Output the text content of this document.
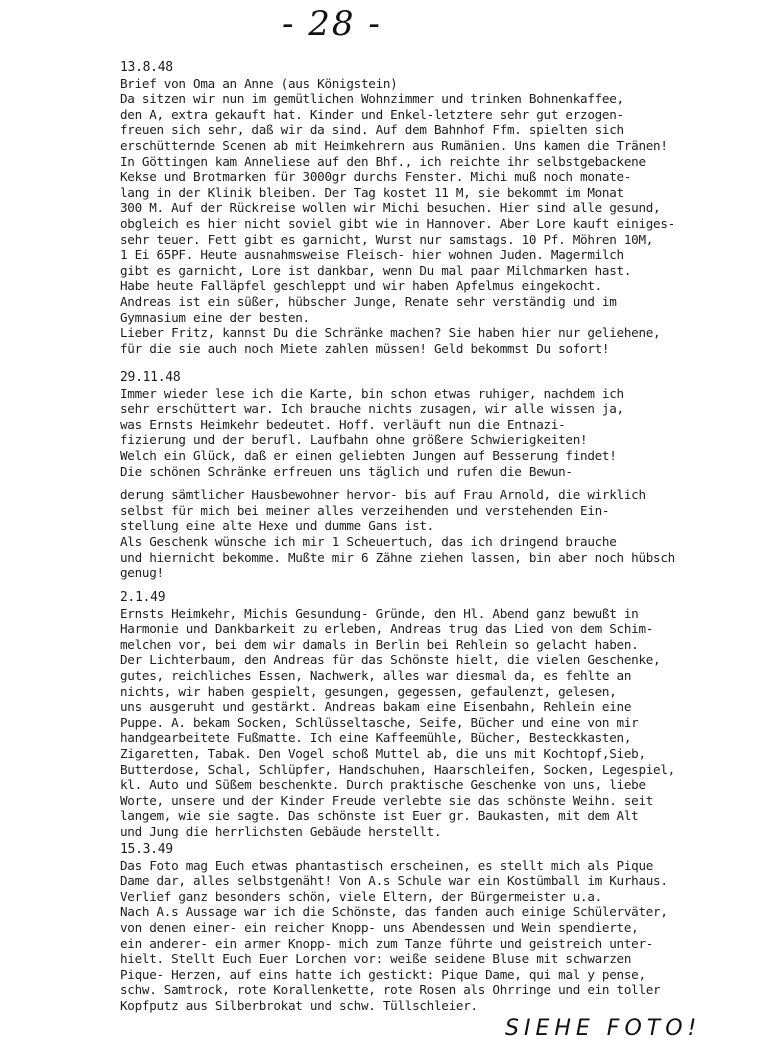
- 28 -
13.8.48
Brief von Oma an Anne (aus Königstein)
Da sitzen wir nun im gemütlichen Wohnzimmer und trinken Bohnenkaffee,
den A, extra gekauft hat. Kinder und Enkel-letztere sehr gut erzogen-
freuen sich sehr, daß wir da sind. Auf dem Bahnhof Ffm. spielten sich
erschütternde Scenen ab mit Heimkehrern aus Rumänien. Uns kamen die Tränen!
In Göttingen kam Anneliese auf den Bhf., ich reichte ihr selbstgebackene
Kekse und Brotmarken für 3000gr durchs Fenster. Michi muß noch monate-
lang in der Klinik bleiben. Der Tag kostet 11 M, sie bekommt im Monat
300 M. Auf der Rückreise wollen wir Michi besuchen. Hier sind alle gesund,
obgleich es hier nicht soviel gibt wie in Hannover. Aber Lore kauft einiges-
sehr teuer. Fett gibt es garnicht, Wurst nur samstags. 10 Pf. Möhren 10M,
1 Ei 65PF. Heute ausnahmsweise Fleisch- hier wohnen Juden. Magermilch
gibt es garnicht, Lore ist dankbar, wenn Du mal paar Milchmarken hast.
Habe heute Falläpfel geschleppt und wir haben Apfelmus eingekocht.
Andreas ist ein süßer, hübscher Junge, Renate sehr verständig und im
Gymnasium eine der besten.
Lieber Fritz, kannst Du die Schränke machen? Sie haben hier nur geliehene,
für die sie auch noch Miete zahlen müssen! Geld bekommst Du sofort!
29.11.48
Immer wieder lese ich die Karte, bin schon etwas ruhiger, nachdem ich
sehr erschüttert war. Ich brauche nichts zusagen, wir alle wissen ja,
was Ernsts Heimkehr bedeutet. Hoff. verläuft nun die Entnazi-
fizierung und der berufl. Laufbahn ohne größere Schwierigkeiten!
Welch ein Glück, daß er einen geliebten Jungen auf Besserung findet!
Die schönen Schränke erfreuen uns täglich und rufen die Bewun-
derung sämtlicher Hausbewohner hervor- bis auf Frau Arnold, die wirklich
selbst für mich bei meiner alles verzeihenden und verstehenden Ein-
stellung eine alte Hexe und dumme Gans ist.
Als Geschenk wünsche ich mir 1 Scheuertuch, das ich dringend brauche
und hiernicht bekomme. Mußte mir 6 Zähne ziehen lassen, bin aber noch hübsch
genug!
2.1.49
Ernsts Heimkehr, Michis Gesundung- Gründe, den Hl. Abend ganz bewußt in
Harmonie und Dankbarkeit zu erleben, Andreas trug das Lied von dem Schim-
melchen vor, bei dem wir damals in Berlin bei Rehlein so gelacht haben.
Der Lichterbaum, den Andreas für das Schönste hielt, die vielen Geschenke,
gutes, reichliches Essen, Nachwerk, alles war diesmal da, es fehlte an
nichts, wir haben gespielt, gesungen, gegessen, gefaulenzt, gelesen,
uns ausgeruht und gestärkt. Andreas bakam eine Eisenbahn, Rehlein eine
Puppe. A. bekam Socken, Schlüsseltasche, Seife, Bücher und eine von mir
handgearbeitete Fußmatte. Ich eine Kaffeemühle, Bücher, Besteckkasten,
Zigaretten, Tabak. Den Vogel schoß Muttel ab, die uns mit Kochtopf,Sieb,
Butterdose, Schal, Schlüpfer, Handschuhen, Haarschleifen, Socken, Legespiel,
kl. Auto und Süßem beschenkte. Durch praktische Geschenke von uns, liebe
Worte, unsere und der Kinder Freude verlebte sie das schönste Weihn. seit
langem, wie sie sagte. Das schönste ist Euer gr. Baukasten, mit dem Alt
und Jung die herrlichsten Gebäude herstellt.
15.3.49
Das Foto mag Euch etwas phantastisch erscheinen, es stellt mich als Pique
Dame dar, alles selbstgenäht! Von A.s Schule war ein Kostümball im Kurhaus.
Verlief ganz besonders schön, viele Eltern, der Bürgermeister u.a.
Nach A.s Aussage war ich die Schönste, das fanden auch einige Schülerväter,
von denen einer- ein reicher Knopp- uns Abendessen und Wein spendierte,
ein anderer- ein armer Knopp- mich zum Tanze führte und geistreich unter-
hielt. Stellt Euch Euer Lorchen vor: weiße seidene Bluse mit schwarzen
Pique- Herzen, auf eins hatte ich gestickt: Pique Dame, qui mal y pense,
schw. Samtrock, rote Korallenkette, rote Rosen als Ohrringe und ein toller
Kopfputz aus Silberbrokat und schw. Tüllschleier.
SIEHE FOTO!
